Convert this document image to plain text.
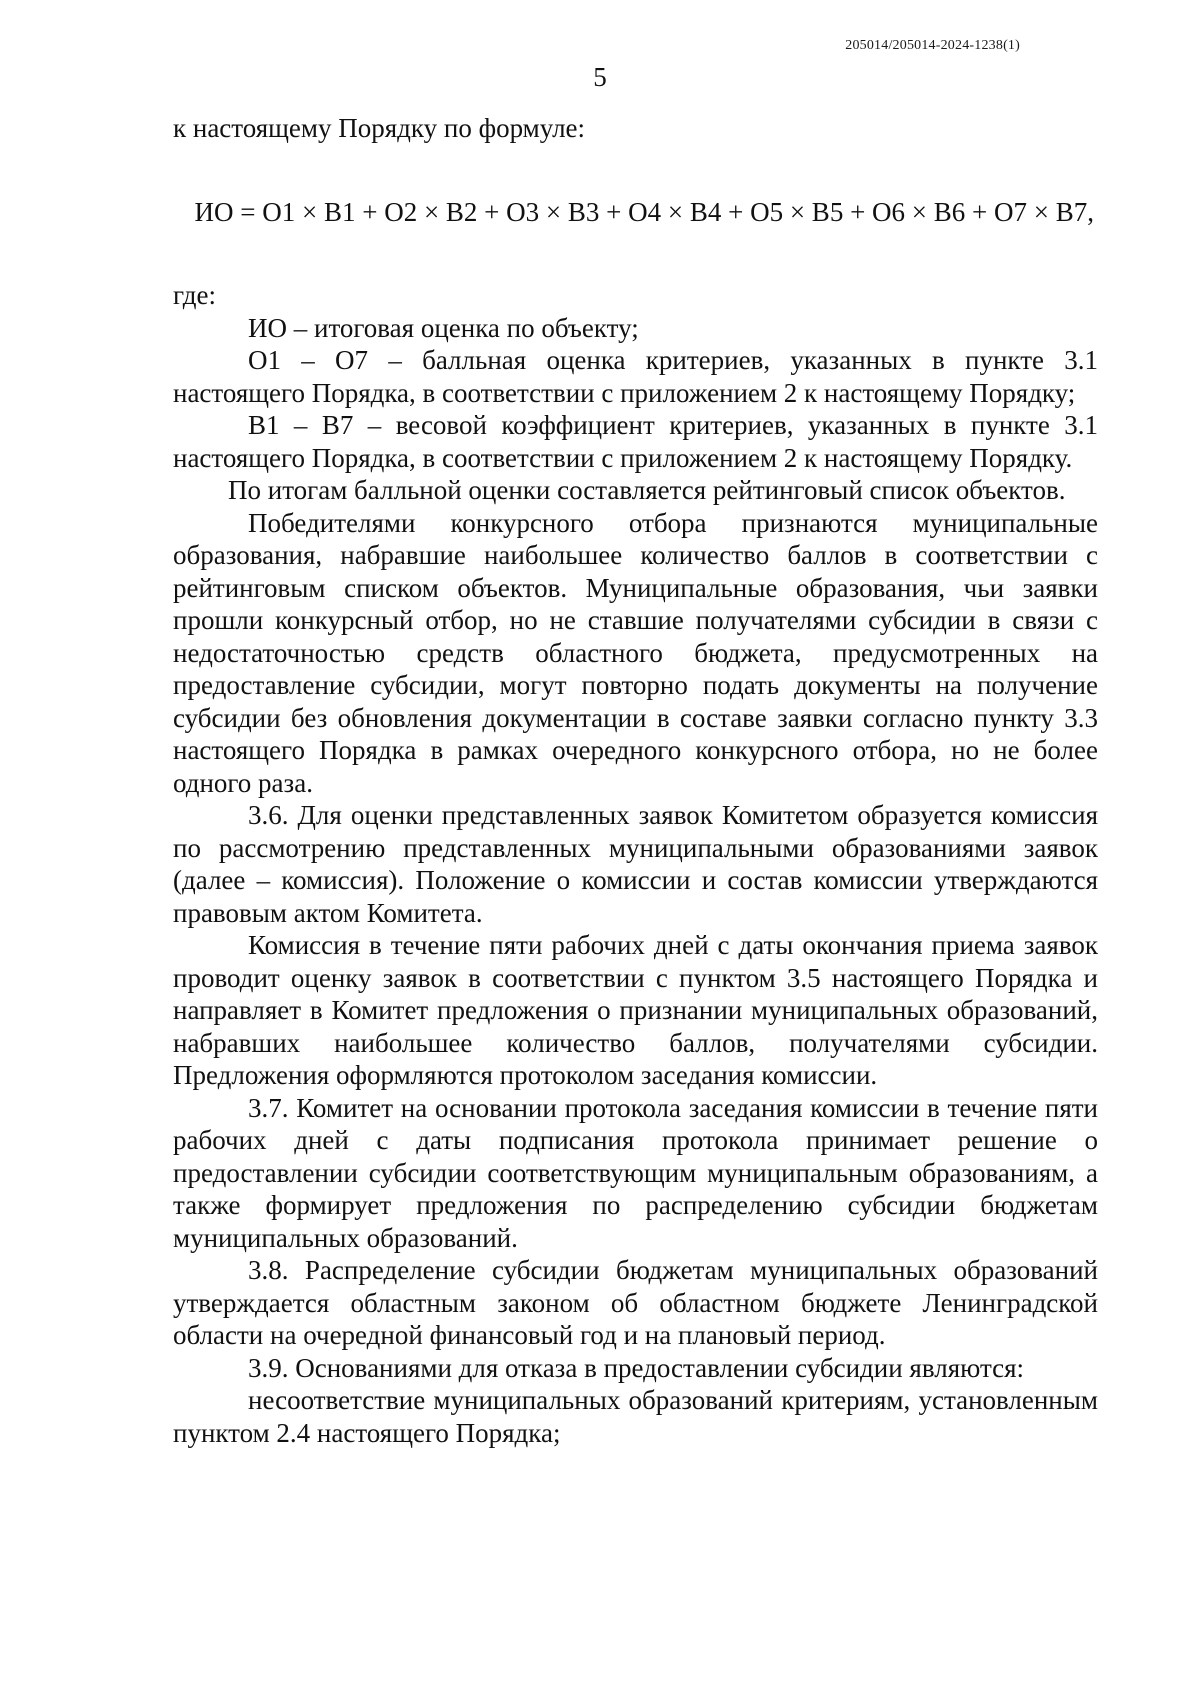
205014/205014-2024-1238(1)
5

к настоящему Порядку по формуле:

ИО = О1 × В1 + О2 × В2 + О3 × В3 + О4 × В4 + О5 × В5 + О6 × В6 + О7 × В7,

где:

ИО – итоговая оценка по объекту;

О1 – О7 – балльная оценка критериев, указанных в пункте 3.1 настоящего Порядка, в соответствии с приложением 2 к настоящему Порядку;

В1 – В7 – весовой коэффициент критериев, указанных в пункте 3.1 настоящего Порядка, в соответствии с приложением 2 к настоящему Порядку.

По итогам балльной оценки составляется рейтинговый список объектов.

Победителями конкурсного отбора признаются муниципальные образования, набравшие наибольшее количество баллов в соответствии с рейтинговым списком объектов. Муниципальные образования, чьи заявки прошли конкурсный отбор, но не ставшие получателями субсидии в связи с недостаточностью средств областного бюджета, предусмотренных на предоставление субсидии, могут повторно подать документы на получение субсидии без обновления документации в составе заявки согласно пункту 3.3 настоящего Порядка в рамках очередного конкурсного отбора, но не более одного раза.

3.6. Для оценки представленных заявок Комитетом образуется комиссия по рассмотрению представленных муниципальными образованиями заявок (далее – комиссия). Положение о комиссии и состав комиссии утверждаются правовым актом Комитета.

Комиссия в течение пяти рабочих дней с даты окончания приема заявок проводит оценку заявок в соответствии с пунктом 3.5 настоящего Порядка и направляет в Комитет предложения о признании муниципальных образований, набравших наибольшее количество баллов, получателями субсидии. Предложения оформляются протоколом заседания комиссии.

3.7. Комитет на основании протокола заседания комиссии в течение пяти рабочих дней с даты подписания протокола принимает решение о предоставлении субсидии соответствующим муниципальным образованиям, а также формирует предложения по распределению субсидии бюджетам муниципальных образований.

3.8. Распределение субсидии бюджетам муниципальных образований утверждается областным законом об областном бюджете Ленинградской области на очередной финансовый год и на плановый период.

3.9. Основаниями для отказа в предоставлении субсидии являются:

несоответствие муниципальных образований критериям, установленным пунктом 2.4 настоящего Порядка;
